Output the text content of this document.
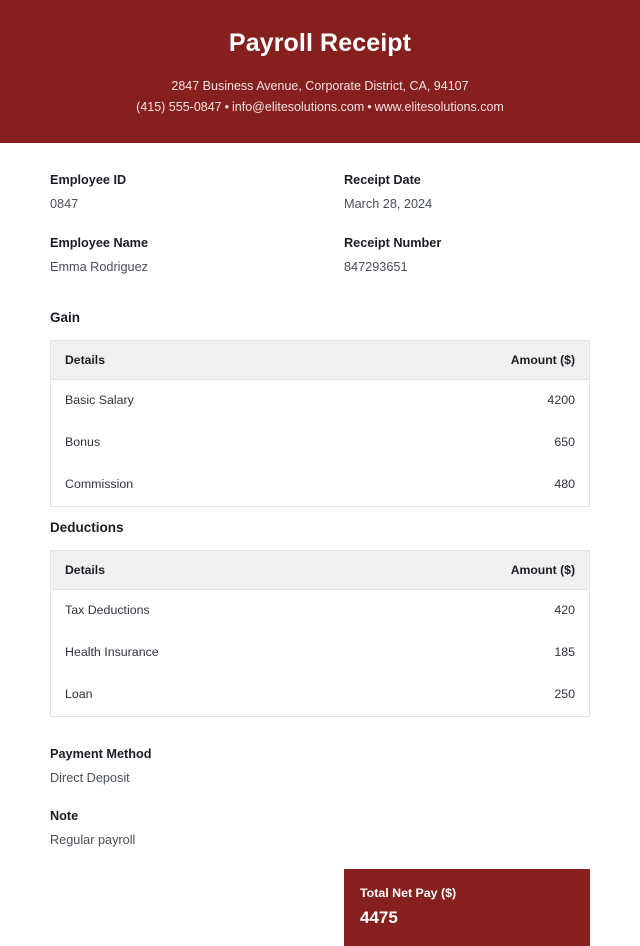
Payroll Receipt
2847 Business Avenue, Corporate District, CA, 94107
(415) 555-0847 • info@elitesolutions.com • www.elitesolutions.com
Employee ID
0847
Receipt Date
March 28, 2024
Employee Name
Emma Rodriguez
Receipt Number
847293651
Gain
Details	Amount ($)
Basic Salary	4200
Bonus	650
Commission	480
Deductions
Details	Amount ($)
Tax Deductions	420
Health Insurance	185
Loan	250
Payment Method
Direct Deposit
Note
Regular payroll
Total Net Pay ($)
4475
